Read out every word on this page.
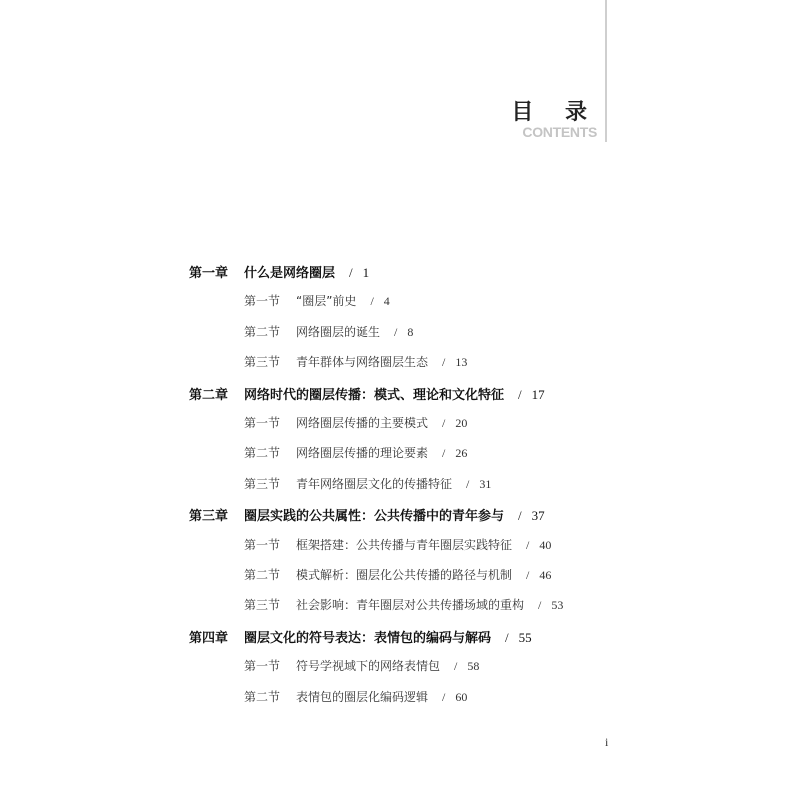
目 录
CONTENTS
第一章 什么是网络圈层 / 1
第一节 “圈层”前史 / 4
第二节 网络圈层的诞生 / 8
第三节 青年群体与网络圈层生态 / 13
第二章 网络时代的圈层传播：模式、理论和文化特征 / 17
第一节 网络圈层传播的主要模式 / 20
第二节 网络圈层传播的理论要素 / 26
第三节 青年网络圈层文化的传播特征 / 31
第三章 圈层实践的公共属性：公共传播中的青年参与 / 37
第一节 框架搭建：公共传播与青年圈层实践特征 / 40
第二节 模式解析：圈层化公共传播的路径与机制 / 46
第三节 社会影响：青年圈层对公共传播场域的重构 / 53
第四章 圈层文化的符号表达：表情包的编码与解码 / 55
第一节 符号学视域下的网络表情包 / 58
第二节 表情包的圈层化编码逻辑 / 60
i
